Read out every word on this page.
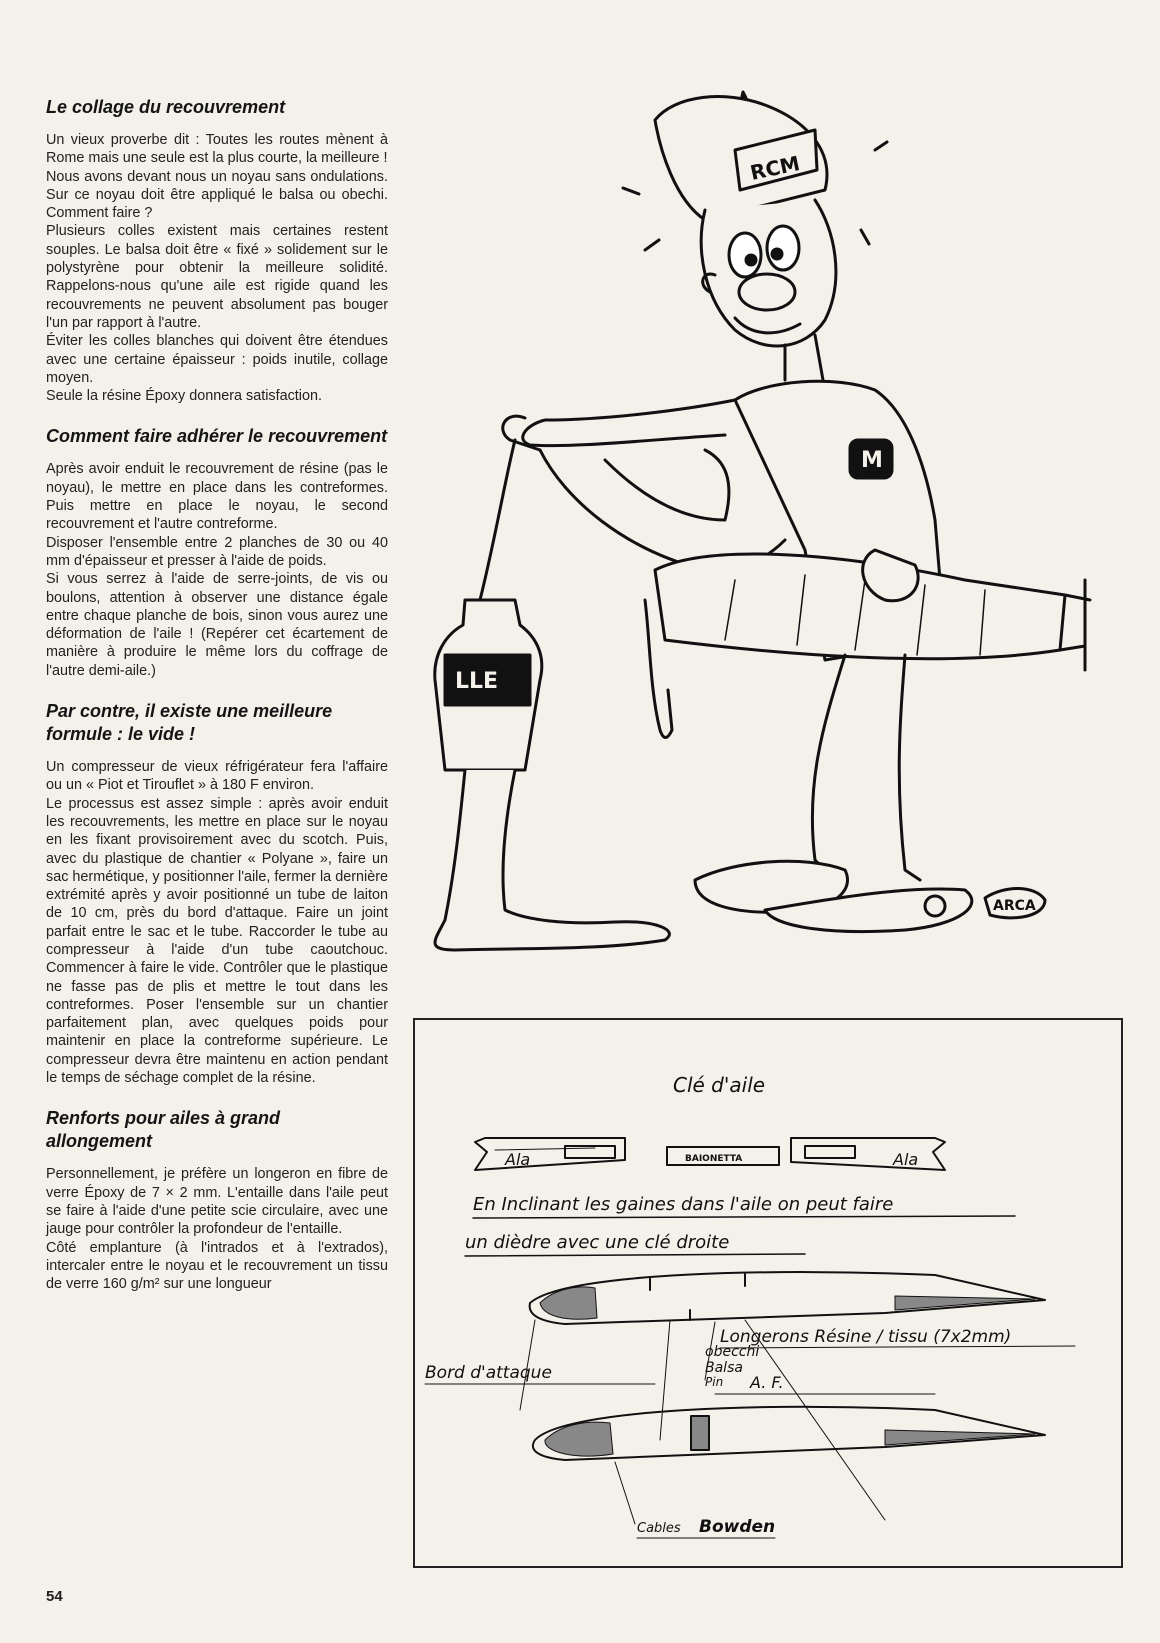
Le collage du recouvrement

Un vieux proverbe dit : Toutes les routes mènent à Rome mais une seule est la plus courte, la meilleure !

Nous avons devant nous un noyau sans ondulations. Sur ce noyau doit être appliqué le balsa ou obechi. Comment faire ?

Plusieurs colles existent mais certaines restent souples. Le balsa doit être « fixé » solidement sur le polystyrène pour obtenir la meilleure solidité. Rappelons-nous qu'une aile est rigide quand les recouvrements ne peuvent absolument pas bouger l'un par rapport à l'autre.

Éviter les colles blanches qui doivent être étendues avec une certaine épaisseur : poids inutile, collage moyen.

Seule la résine Époxy donnera satisfaction.

Comment faire adhérer le recouvrement

Après avoir enduit le recouvrement de résine (pas le noyau), le mettre en place dans les contreformes. Puis mettre en place le noyau, le second recouvrement et l'autre contreforme.

Disposer l'ensemble entre 2 planches de 30 ou 40 mm d'épaisseur et presser à l'aide de poids.

Si vous serrez à l'aide de serre-joints, de vis ou boulons, attention à observer une distance égale entre chaque planche de bois, sinon vous aurez une déformation de l'aile ! (Repérer cet écartement de manière à produire le même lors du coffrage de l'autre demi-aile.)

Par contre, il existe une meilleure formule : le vide !

Un compresseur de vieux réfrigérateur fera l'affaire ou un « Piot et Tirouflet » à 180 F environ.

Le processus est assez simple : après avoir enduit les recouvrements, les mettre en place sur le noyau en les fixant provisoirement avec du scotch. Puis, avec du plastique de chantier « Polyane », faire un sac hermétique, y positionner l'aile, fermer la dernière extrémité après y avoir positionné un tube de laiton de 10 cm, près du bord d'attaque. Faire un joint parfait entre le sac et le tube. Raccorder le tube au compresseur à l'aide d'un tube caoutchouc. Commencer à faire le vide. Contrôler que le plastique ne fasse pas de plis et mettre le tout dans les contreformes. Poser l'ensemble sur un chantier parfaitement plan, avec quelques poids pour maintenir en place la contreforme supérieure. Le compresseur devra être maintenu en action pendant le temps de séchage complet de la résine.

Renforts pour ailes à grand allongement

Personnellement, je préfère un longeron en fibre de verre Époxy de 7 × 2 mm. L'entaille dans l'aile peut se faire à l'aide d'une petite scie circulaire, avec une jauge pour contrôler la profondeur de l'entaille.

Côté emplanture (à l'intrados et à l'extrados), intercaler entre le noyau et le recouvrement un tissu de verre 160 g/m² sur une longueur

54
RCM
M
LLE
ARCA
Clé d'aile
Ala	BAIONETTA	Ala
En Inclinant les gaines dans l'aile on peut faire
un dièdre avec une clé droite
obecchi
Balsa
Pin
Bord d'attaque
Longerons Résine / tissu (7x2mm)
A. F.
Cables Bowden
